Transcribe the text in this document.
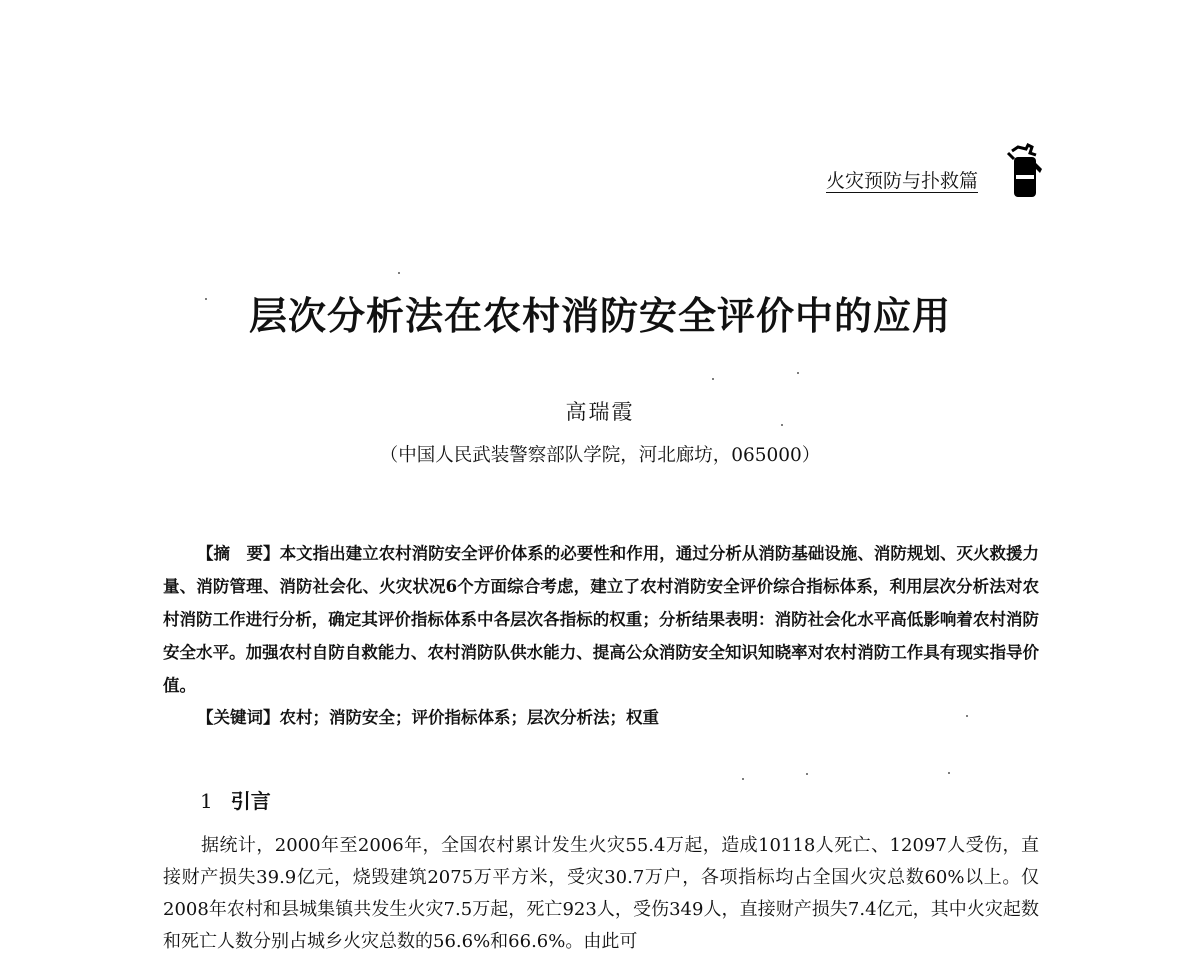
火灾预防与扑救篇
层次分析法在农村消防安全评价中的应用
高瑞霞
（中国人民武装警察部队学院，河北廊坊，065000）
【摘　要】本文指出建立农村消防安全评价体系的必要性和作用，通过分析从消防基础设施、消防规划、灭火救援力量、消防管理、消防社会化、火灾状况6个方面综合考虑，建立了农村消防安全评价综合指标体系，利用层次分析法对农村消防工作进行分析，确定其评价指标体系中各层次各指标的权重；分析结果表明：消防社会化水平高低影响着农村消防安全水平。加强农村自防自救能力、农村消防队供水能力、提高公众消防安全知识知晓率对农村消防工作具有现实指导价值。
【关键词】农村；消防安全；评价指标体系；层次分析法；权重
1 引言
据统计，2000年至2006年，全国农村累计发生火灾55.4万起，造成10118人死亡、12097人受伤，直接财产损失39.9亿元，烧毁建筑2075万平方米，受灾30.7万户，各项指标均占全国火灾总数60%以上。仅2008年农村和县城集镇共发生火灾7.5万起，死亡923人，受伤349人，直接财产损失7.4亿元，其中火灾起数和死亡人数分别占城乡火灾总数的56.6%和66.6%。由此可
